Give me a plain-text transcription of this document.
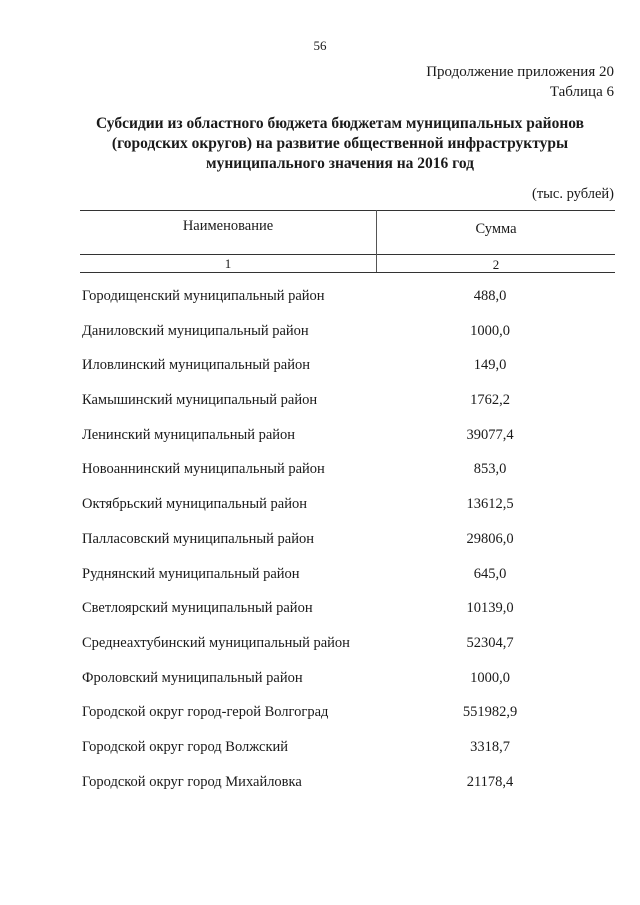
56
Продолжение приложения 20
Таблица 6
Субсидии из областного бюджета бюджетам муниципальных районов
(городских округов) на развитие общественной инфраструктуры
муниципального значения на 2016 год
(тыс. рублей)
Наименование	Сумма
1	2
Городищенский муниципальный район	488,0
Даниловский муниципальный район	1000,0
Иловлинский муниципальный район	149,0
Камышинский муниципальный район	1762,2
Ленинский муниципальный район	39077,4
Новоаннинский муниципальный район	853,0
Октябрьский муниципальный район	13612,5
Палласовский муниципальный район	29806,0
Руднянский муниципальный район	645,0
Светлоярский муниципальный район	10139,0
Среднеахтубинский муниципальный район	52304,7
Фроловский муниципальный район	1000,0
Городской округ город-герой Волгоград	551982,9
Городской округ город Волжский	3318,7
Городской округ город Михайловка	21178,4
